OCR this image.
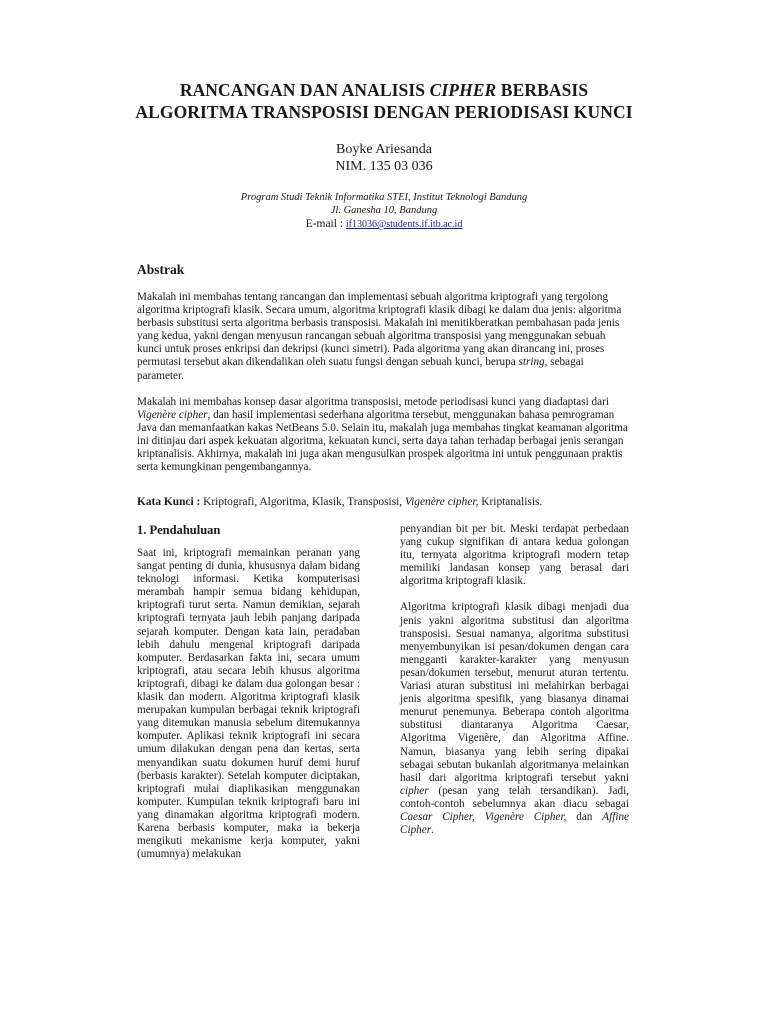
RANCANGAN DAN ANALISIS CIPHER BERBASIS
ALGORITMA TRANSPOSISI DENGAN PERIODISASI KUNCI
Boyke Ariesanda
NIM. 135 03 036
Program Studi Teknik Informatika STEI, Institut Teknologi Bandung
Jl. Ganesha 10, Bandung
E-mail : if13036@students.if.itb.ac.id
Abstrak

Makalah ini membahas tentang rancangan dan implementasi sebuah algoritma kriptografi yang tergolong algoritma kriptografi klasik. Secara umum, algoritma kriptografi klasik dibagi ke dalam dua jenis: algoritma berbasis substitusi serta algoritma berbasis transposisi. Makalah ini menitikberatkan pembahasan pada jenis yang kedua, yakni dengan menyusun rancangan sebuah algoritma transposisi yang menggunakan sebuah kunci untuk proses enkripsi dan dekripsi (kunci simetri). Pada algoritma yang akan dirancang ini, proses permutasi tersebut akan dikendalikan oleh suatu fungsi dengan sebuah kunci, berupa string, sebagai parameter.

Makalah ini membahas konsep dasar algoritma transposisi, metode periodisasi kunci yang diadaptasi dari Vigenère cipher, dan hasil implementasi sederhana algoritma tersebut, menggunakan bahasa pemrograman Java dan memanfaatkan kakas NetBeans 5.0. Selain itu, makalah juga membahas tingkat keamanan algoritma ini ditinjau dari aspek kekuatan algoritma, kekuatan kunci, serta daya tahan terhadap berbagai jenis serangan kriptanalisis. Akhirnya, makalah ini juga akan mengusulkan prospek algoritma ini untuk penggunaan praktis serta kemungkinan pengembangannya.

Kata Kunci : Kriptografi, Algoritma, Klasik, Transposisi, Vigenère cipher, Kriptanalisis.
1. Pendahuluan

Saat ini, kriptografi memainkan peranan yang sangat penting di dunia, khususnya dalam bidang teknologi informasi. Ketika komputerisasi merambah hampir semua bidang kehidupan, kriptografi turut serta. Namun demikian, sejarah kriptografi ternyata jauh lebih panjang daripada sejarah komputer. Dengan kata lain, peradaban lebih dahulu mengenal kriptografi daripada komputer. Berdasarkan fakta ini, secara umum kriptografi, atau secara lebih khusus algoritma kriptografi, dibagi ke dalam dua golongan besar : klasik dan modern. Algoritma kriptografi klasik merupakan kumpulan berbagai teknik kriptografi yang ditemukan manusia sebelum ditemukannya komputer. Aplikasi teknik kriptografi ini secara umum dilakukan dengan pena dan kertas, serta menyandikan suatu dokumen huruf demi huruf (berbasis karakter). Setelah komputer diciptakan, kriptografi mulai diaplikasikan menggunakan komputer. Kumpulan teknik kriptografi baru ini yang dinamakan algoritma kriptografi modern. Karena berbasis komputer, maka ia bekerja mengikuti mekanisme kerja komputer, yakni (umumnya) melakukan

penyandian bit per bit. Meski terdapat perbedaan yang cukup signifikan di antara kedua golongan itu, ternyata algoritma kriptografi modern tetap memiliki landasan konsep yang berasal dari algoritma kriptografi klasik.

Algoritma kriptografi klasik dibagi menjadi dua jenis yakni algoritma substitusi dan algoritma transposisi. Sesuai namanya, algoritma substitusi menyembunyikan isi pesan/dokumen dengan cara mengganti karakter-karakter yang menyusun pesan/dokumen tersebut, menurut aturan tertentu. Variasi aturan substitusi ini melahirkan berbagai jenis algoritma spesifik, yang biasanya dinamai menurut penemunya. Beberapa contoh algoritma substitusi diantaranya Algoritma Caesar, Algoritma Vigenère, dan Algoritma Affine. Namun, biasanya yang lebih sering dipakai sebagai sebutan bukanlah algoritmanya melainkan hasil dari algoritma kriptografi tersebut yakni cipher (pesan yang telah tersandikan). Jadi, contoh-contoh sebelumnya akan diacu sebagai Caesar Cipher, Vigenère Cipher, dan Affine Cipher.
